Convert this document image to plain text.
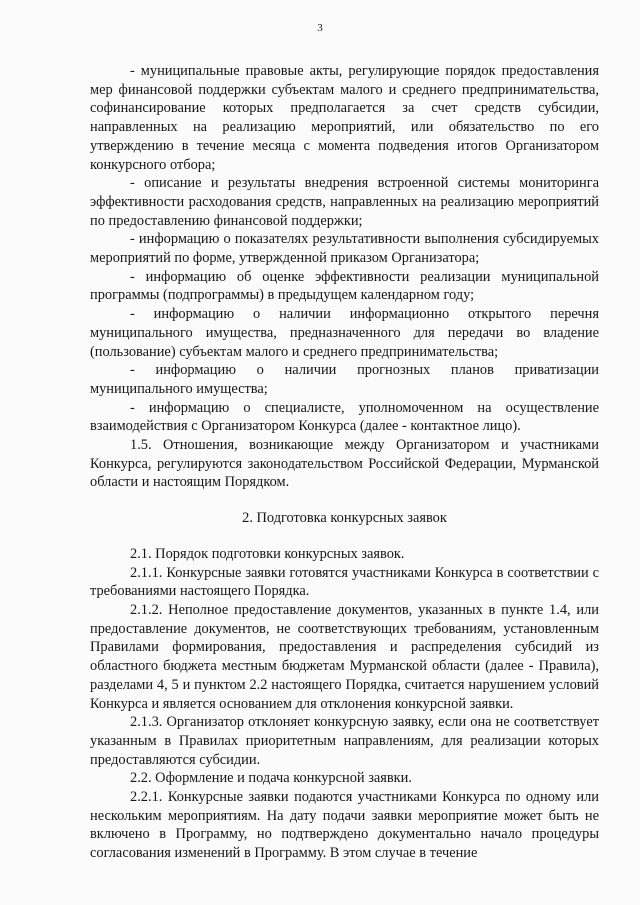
3

- муниципальные правовые акты, регулирующие порядок предоставления мер финансовой поддержки субъектам малого и среднего предпринимательства, софинансирование которых предполагается за счет средств субсидии, направленных на реализацию мероприятий, или обязательство по его утверждению в течение месяца с момента подведения итогов Организатором конкурсного отбора;

- описание и результаты внедрения встроенной системы мониторинга эффективности расходования средств, направленных на реализацию мероприятий по предоставлению финансовой поддержки;

- информацию о показателях результативности выполнения субсидируемых мероприятий по форме, утвержденной приказом Организатора;

- информацию об оценке эффективности реализации муниципальной программы (подпрограммы) в предыдущем календарном году;

- информацию о наличии информационно открытого перечня муниципального имущества, предназначенного для передачи во владение (пользование) субъектам малого и среднего предпринимательства;

- информацию о наличии прогнозных планов приватизации муниципального имущества;

- информацию о специалисте, уполномоченном на осуществление взаимодействия с Организатором Конкурса (далее - контактное лицо).

1.5. Отношения, возникающие между Организатором и участниками Конкурса, регулируются законодательством Российской Федерации, Мурманской области и настоящим Порядком.

2. Подготовка конкурсных заявок

2.1. Порядок подготовки конкурсных заявок.

2.1.1. Конкурсные заявки готовятся участниками Конкурса в соответствии с требованиями настоящего Порядка.

2.1.2. Неполное предоставление документов, указанных в пункте 1.4, или предоставление документов, не соответствующих требованиям, установленным Правилами формирования, предоставления и распределения субсидий из областного бюджета местным бюджетам Мурманской области (далее - Правила), разделами 4, 5 и пунктом 2.2 настоящего Порядка, считается нарушением условий Конкурса и является основанием для отклонения конкурсной заявки.

2.1.3. Организатор отклоняет конкурсную заявку, если она не соответствует указанным в Правилах приоритетным направлениям, для реализации которых предоставляются субсидии.

2.2. Оформление и подача конкурсной заявки.

2.2.1. Конкурсные заявки подаются участниками Конкурса по одному или нескольким мероприятиям. На дату подачи заявки мероприятие может быть не включено в Программу, но подтверждено документально начало процедуры согласования изменений в Программу. В этом случае в течение
